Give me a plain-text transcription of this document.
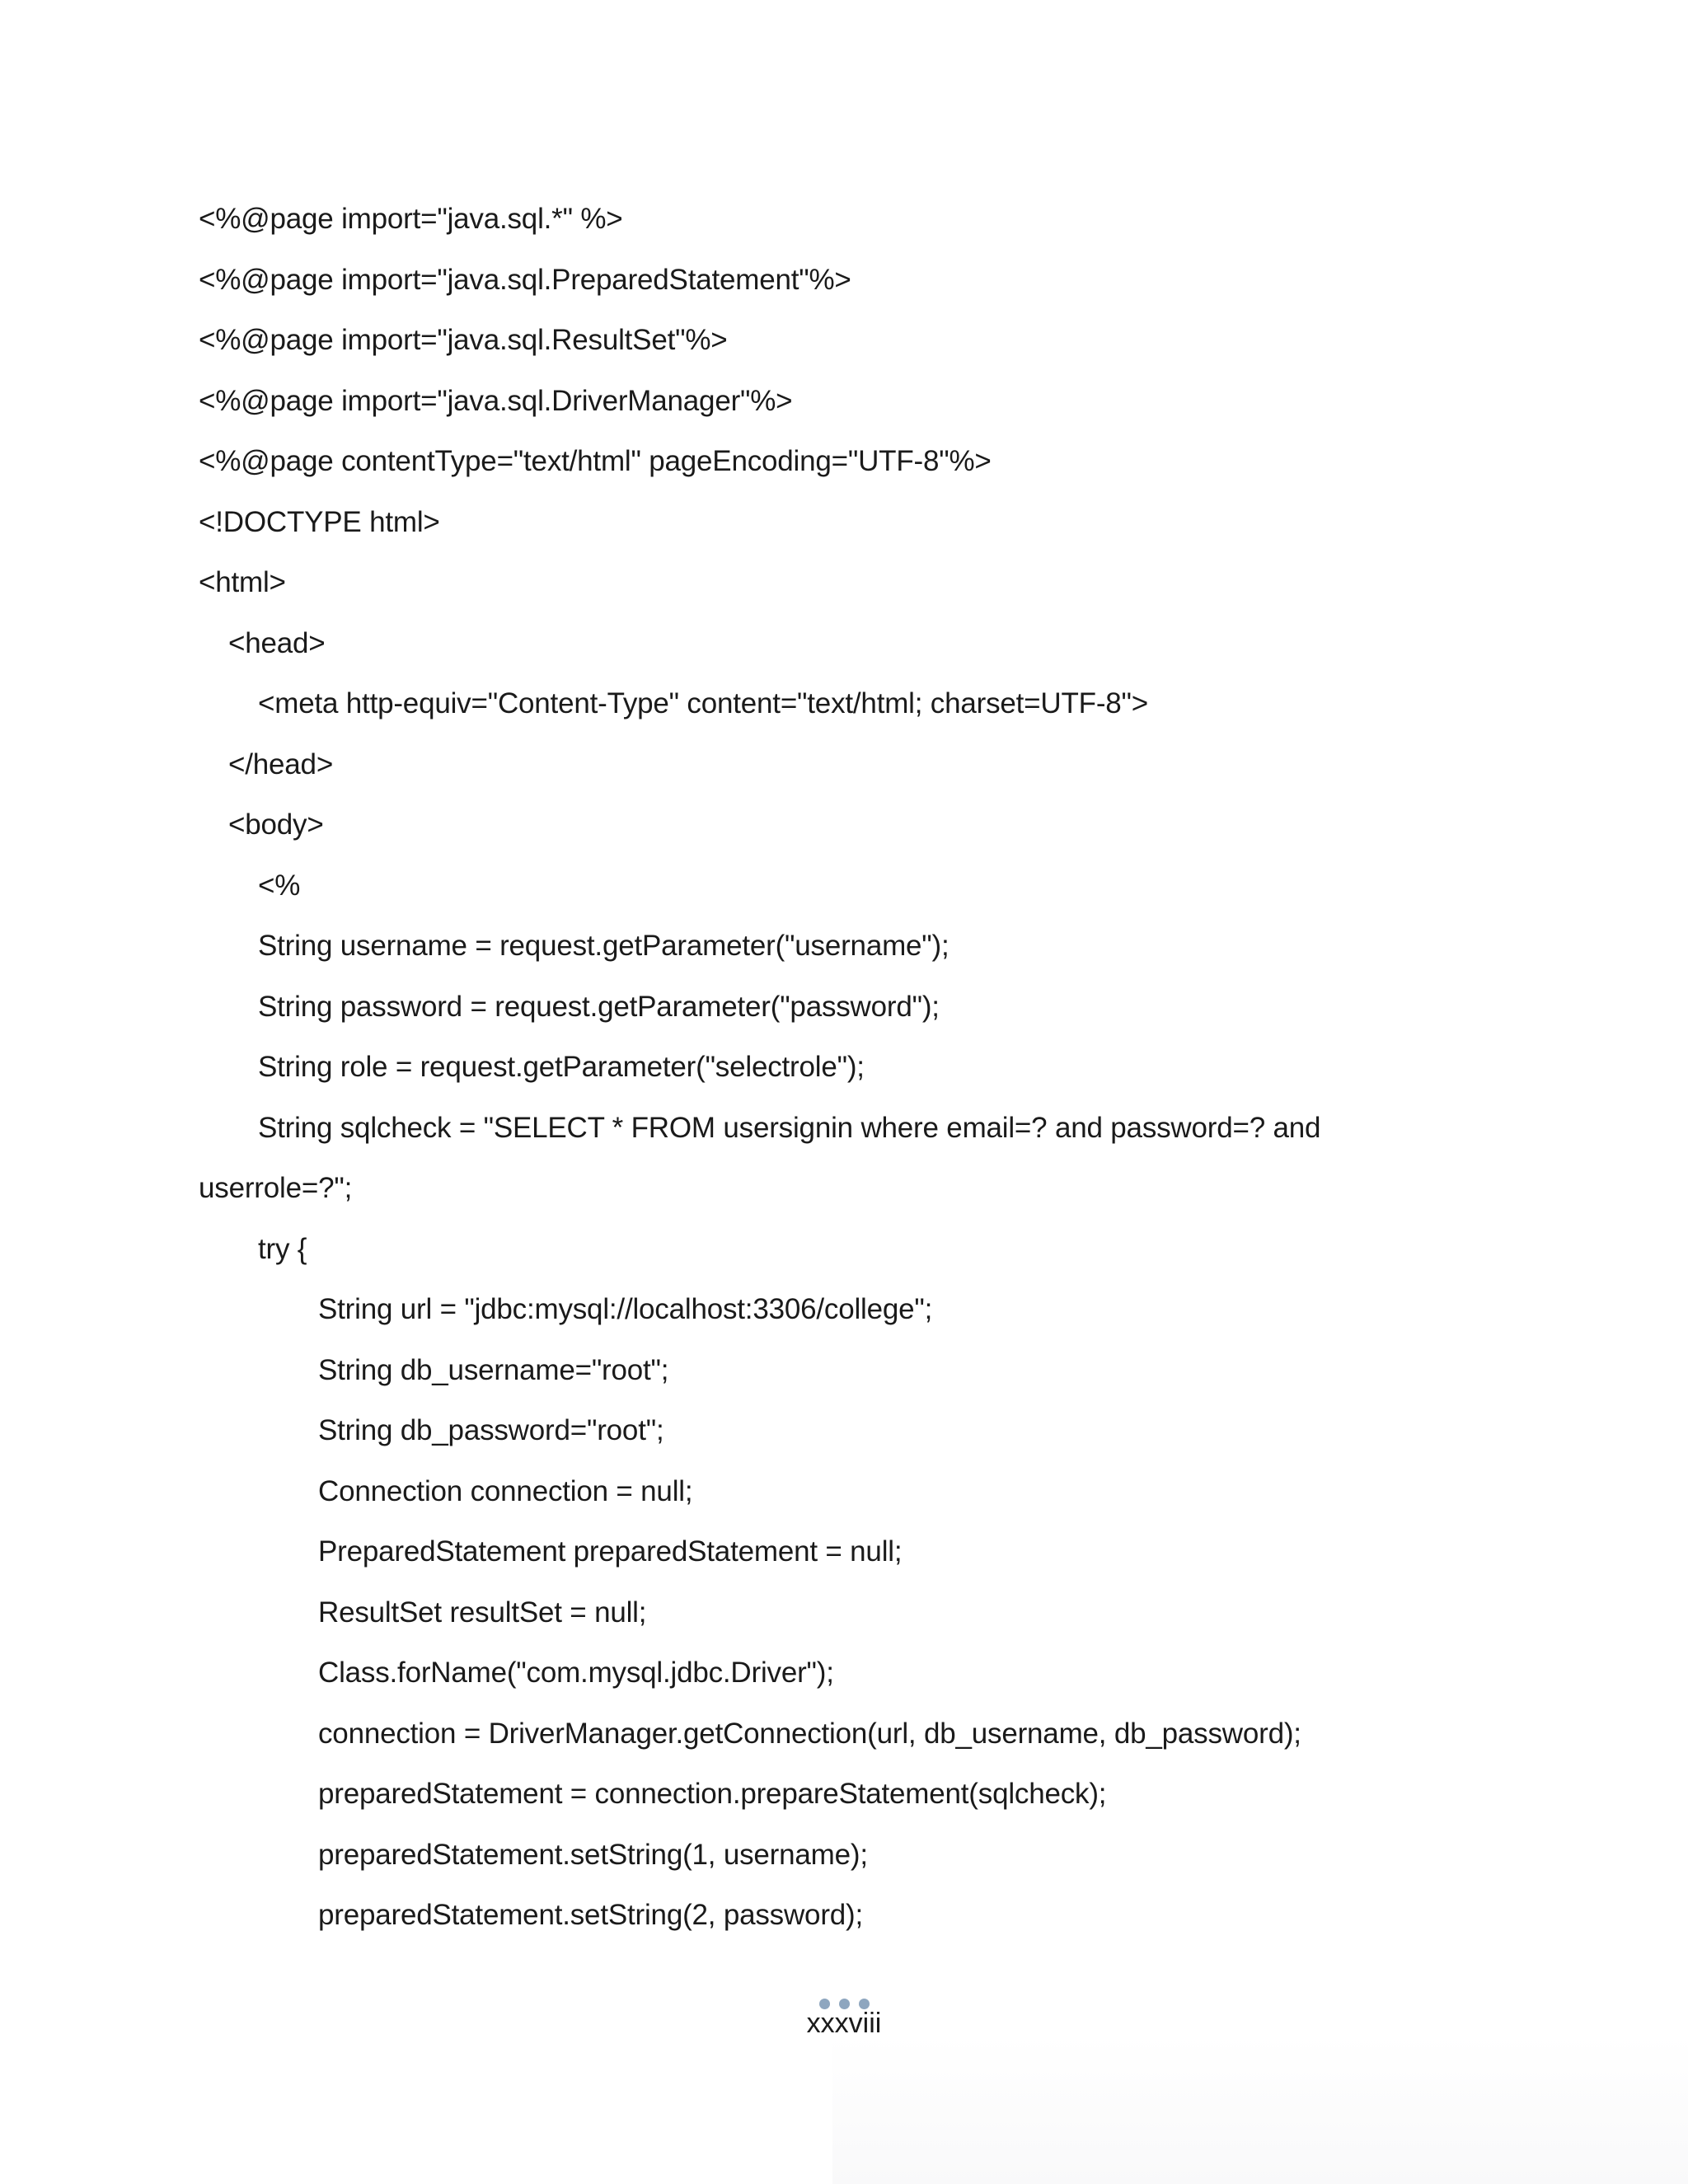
<%@page import="java.sql.*" %>
<%@page import="java.sql.PreparedStatement"%>
<%@page import="java.sql.ResultSet"%>
<%@page import="java.sql.DriverManager"%>
<%@page contentType="text/html" pageEncoding="UTF-8"%>
<!DOCTYPE html>
<html>
<head>
<meta http-equiv="Content-Type" content="text/html; charset=UTF-8">
</head>
<body>
<%
String username = request.getParameter("username");
String password = request.getParameter("password");
String role = request.getParameter("selectrole");
String sqlcheck = "SELECT * FROM usersignin where email=? and password=? and
userrole=?";
try {
String url = "jdbc:mysql://localhost:3306/college";
String db_username="root";
String db_password="root";
Connection connection = null;
PreparedStatement preparedStatement = null;
ResultSet resultSet = null;
Class.forName("com.mysql.jdbc.Driver");
connection = DriverManager.getConnection(url, db_username, db_password);
preparedStatement = connection.prepareStatement(sqlcheck);
preparedStatement.setString(1, username);
preparedStatement.setString(2, password);
xxxviii
